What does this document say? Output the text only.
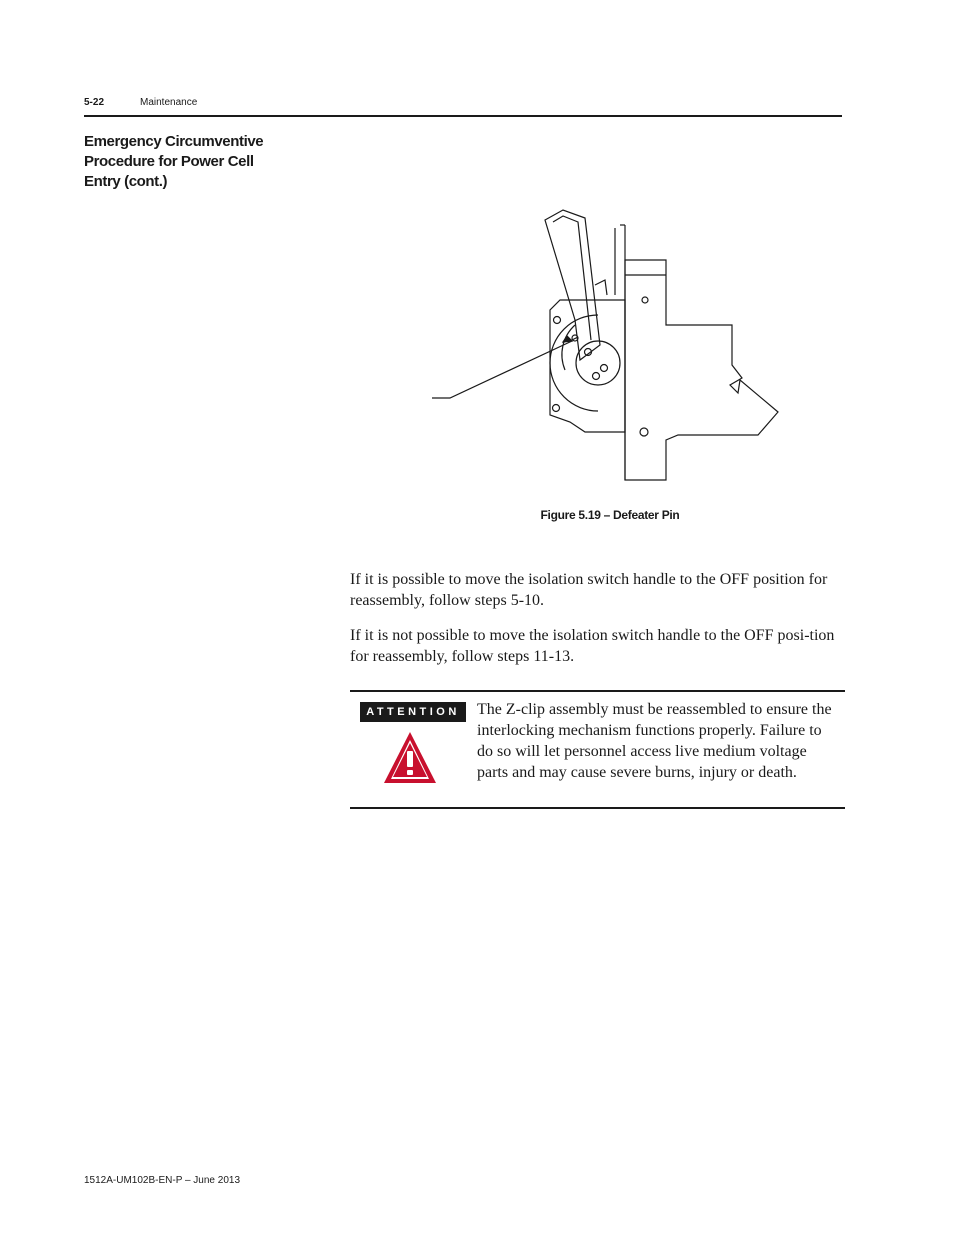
5-22	Maintenance
Emergency Circumventive Procedure for Power Cell Entry (cont.)
Figure 5.19 – Defeater Pin

If it is possible to move the isolation switch handle to the OFF position for reassembly, follow steps 5-10.

If it is not possible to move the isolation switch handle to the OFF posi-tion for reassembly, follow steps 11-13.

ATTENTION	The Z-clip assembly must be reassembled to ensure the interlocking mechanism functions properly. Failure to do so will let personnel access live medium voltage parts and may cause severe burns, injury or death.

1512A-UM102B-EN-P – June 2013
